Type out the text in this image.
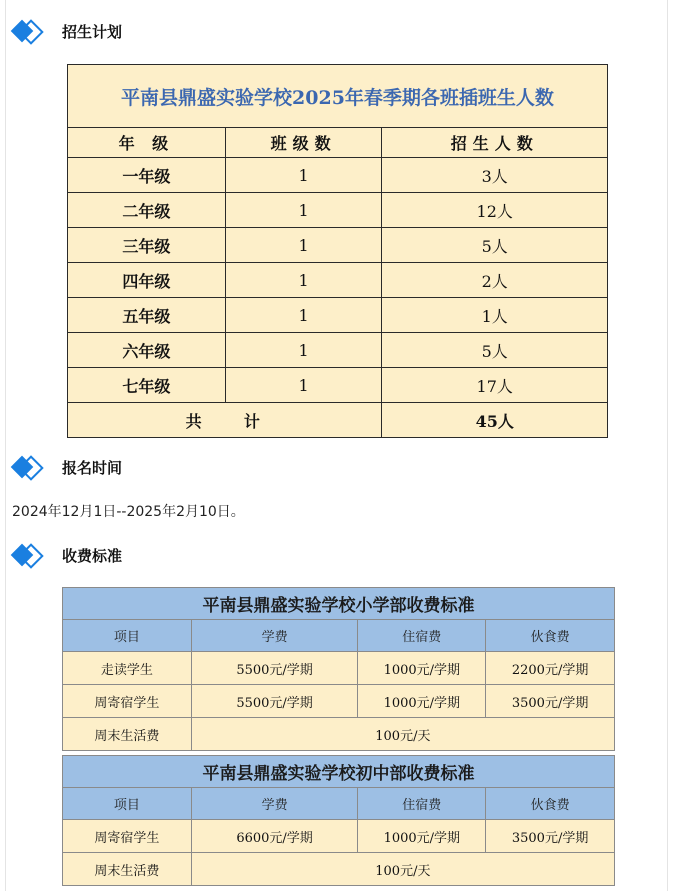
招生计划
平南县鼎盛实验学校2025年春季期各班插班生人数		
年 级	班级数	招生人数
一年级	1	3人
二年级	1	12人
三年级	1	5人
四年级	1	2人
五年级	1	1人
六年级	1	5人
七年级	1	17人
共    计		45人
报名时间
2024年12月1日--2025年2月10日。
收费标准
平南县鼎盛实验学校小学部收费标准			
项目	学费	住宿费	伙食费
走读学生	5500元/学期	1000元/学期	2200元/学期
周寄宿学生	5500元/学期	1000元/学期	3500元/学期
周末生活费	100元/天		
平南县鼎盛实验学校初中部收费标准			
项目	学费	住宿费	伙食费
周寄宿学生	6600元/学期	1000元/学期	3500元/学期
周末生活费	100元/天		
